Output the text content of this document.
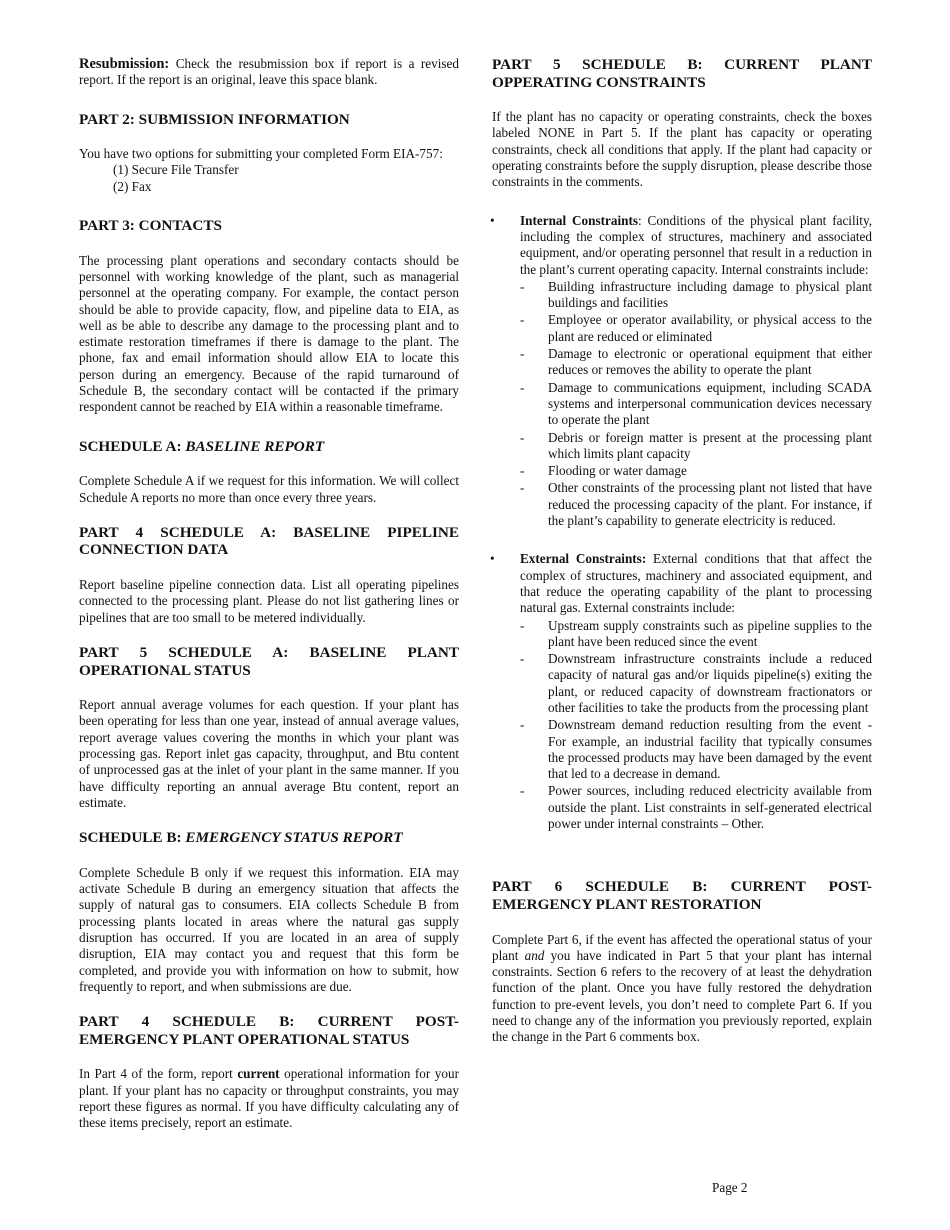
Resubmission: Check the resubmission box if report is a revised report. If the report is an original, leave this space blank.

PART 2: SUBMISSION INFORMATION

You have two options for submitting your completed Form EIA-757:

(1) Secure File Transfer

(2) Fax

PART 3: CONTACTS

The processing plant operations and secondary contacts should be personnel with working knowledge of the plant, such as managerial personnel at the operating company. For example, the contact person should be able to provide capacity, flow, and pipeline data to EIA, as well as be able to describe any damage to the processing plant and to estimate restoration timeframes if there is damage to the plant. The phone, fax and email information should allow EIA to locate this person during an emergency. Because of the rapid turnaround of Schedule B, the secondary contact will be contacted if the primary respondent cannot be reached by EIA within a reasonable timeframe.

SCHEDULE A: BASELINE REPORT

Complete Schedule A if we request for this information. We will collect Schedule A reports no more than once every three years.

PART 4 SCHEDULE A: BASELINE PIPELINE CONNECTION DATA

Report baseline pipeline connection data. List all operating pipelines connected to the processing plant. Please do not list gathering lines or pipelines that are too small to be metered individually.

PART 5 SCHEDULE A: BASELINE PLANT OPERATIONAL STATUS

Report annual average volumes for each question. If your plant has been operating for less than one year, instead of annual average values, report average values covering the months in which your plant was processing gas. Report inlet gas capacity, throughput, and Btu content of unprocessed gas at the inlet of your plant in the same manner. If you have difficulty reporting an annual average Btu content, report an estimate.

SCHEDULE B: EMERGENCY STATUS REPORT

Complete Schedule B only if we request this information. EIA may activate Schedule B during an emergency situation that affects the supply of natural gas to consumers. EIA collects Schedule B from processing plants located in areas where the natural gas supply disruption has occurred. If you are located in an area of supply disruption, EIA may contact you and request that this form be completed, and provide you with information on how to submit, how frequently to report, and when submissions are due.

PART 4 SCHEDULE B: CURRENT POST-EMERGENCY PLANT OPERATIONAL STATUS

In Part 4 of the form, report current operational information for your plant. If your plant has no capacity or throughput constraints, you may report these figures as normal. If you have difficulty calculating any of these items precisely, report an estimate.

PART 5 SCHEDULE B: CURRENT PLANT OPPERATING CONSTRAINTS

If the plant has no capacity or operating constraints, check the boxes labeled NONE in Part 5. If the plant has capacity or operating constraints, check all conditions that apply. If the plant had capacity or operating constraints before the supply disruption, please describe those constraints in the comments.

• Internal Constraints: Conditions of the physical plant facility, including the complex of structures, machinery and associated equipment, and/or operating personnel that result in a reduction in the plant’s current operating capacity. Internal constraints include:

- Building infrastructure including damage to physical plant buildings and facilities

- Employee or operator availability, or physical access to the plant are reduced or eliminated

- Damage to electronic or operational equipment that either reduces or removes the ability to operate the plant

- Damage to communications equipment, including SCADA systems and interpersonal communication devices necessary to operate the plant

- Debris or foreign matter is present at the processing plant which limits plant capacity

- Flooding or water damage

- Other constraints of the processing plant not listed that have reduced the processing capacity of the plant. For instance, if the plant’s capability to generate electricity is reduced.

• External Constraints: External conditions that that affect the complex of structures, machinery and associated equipment, and that reduce the operating capability of the plant to processing natural gas. External constraints include:

- Upstream supply constraints such as pipeline supplies to the plant have been reduced since the event

- Downstream infrastructure constraints include a reduced capacity of natural gas and/or liquids pipeline(s) exiting the plant, or reduced capacity of downstream fractionators or other facilities to take the products from the processing plant

- Downstream demand reduction resulting from the event - For example, an industrial facility that typically consumes the processed products may have been damaged by the event that led to a decrease in demand.

- Power sources, including reduced electricity available from outside the plant. List constraints in self-generated electrical power under internal constraints – Other.

PART 6 SCHEDULE B: CURRENT POST-EMERGENCY PLANT RESTORATION

Complete Part 6, if the event has affected the operational status of your plant and you have indicated in Part 5 that your plant has internal constraints. Section 6 refers to the recovery of at least the dehydration function of the plant. Once you have fully restored the dehydration function to pre-event levels, you don’t need to complete Part 6. If you need to change any of the information you previously reported, explain the change in the Part 6 comments box.

Page 2
